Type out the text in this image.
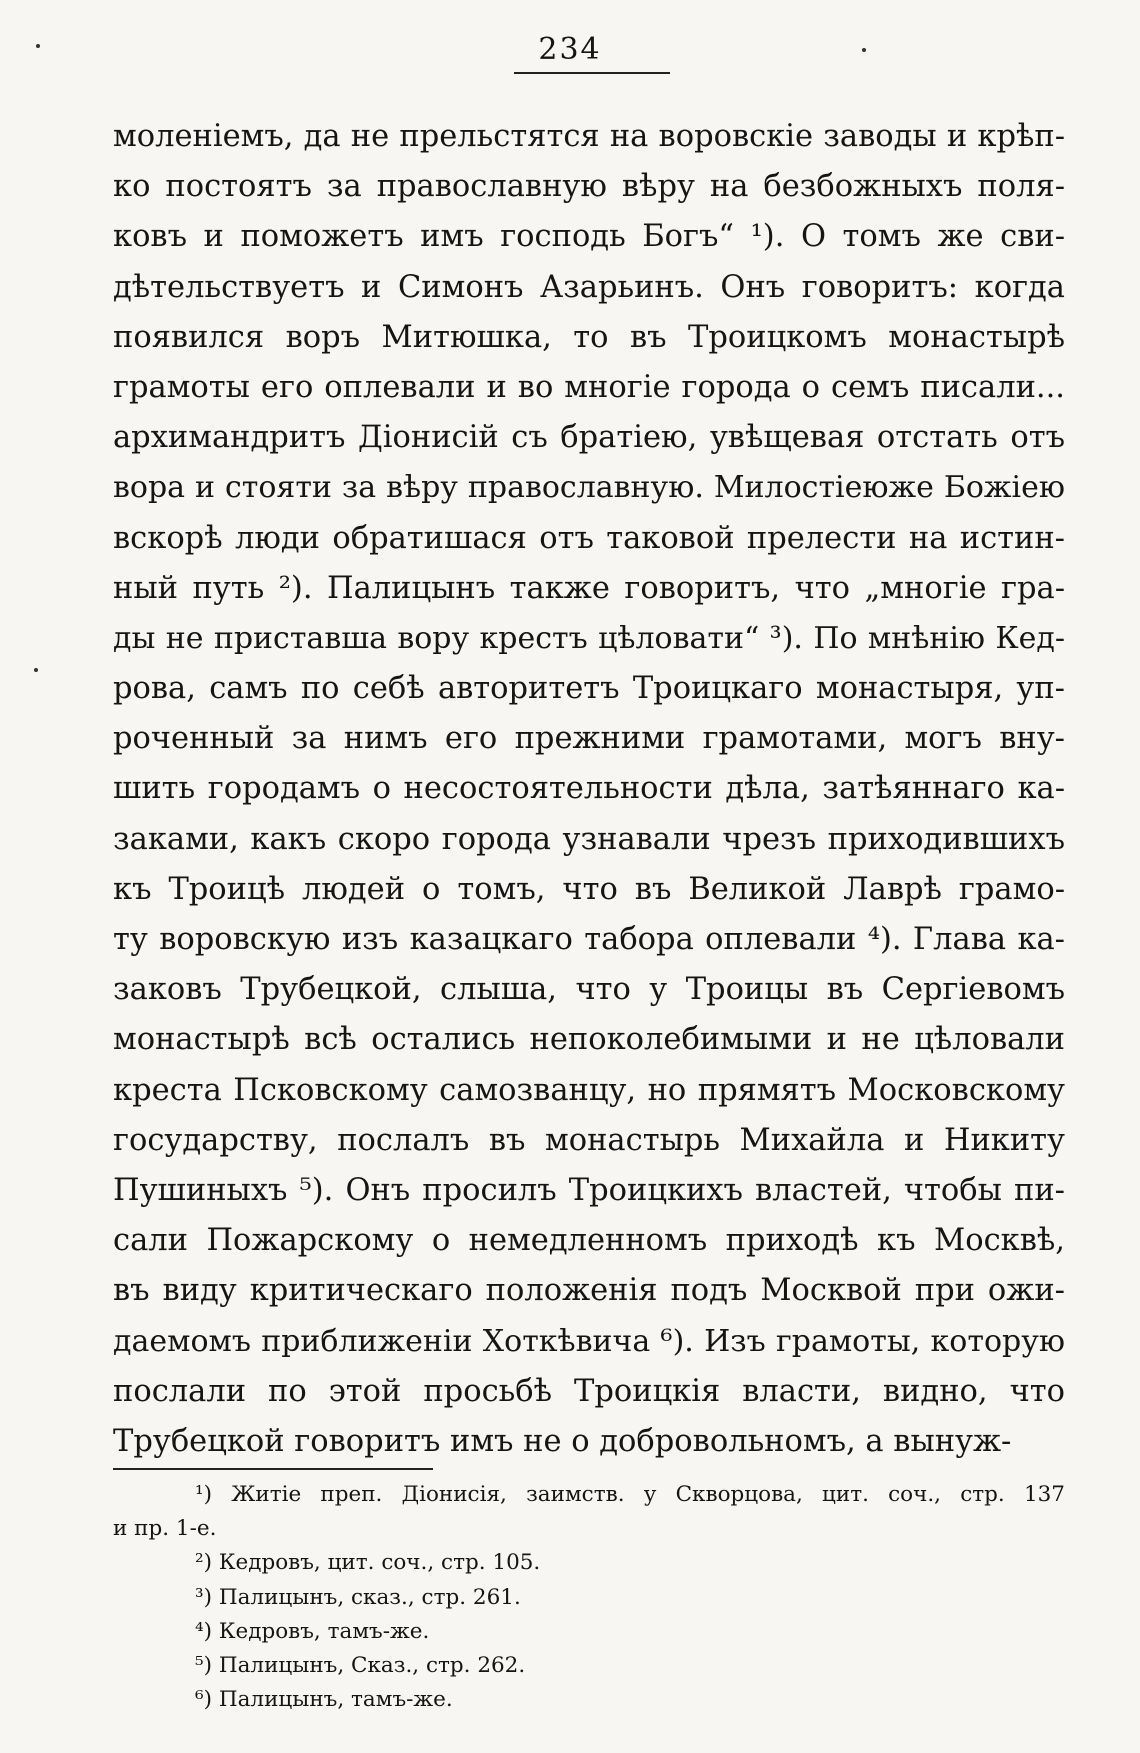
234
моленіемъ, да не прельстятся на воровскіе заводы и крѣп-
ко постоятъ за православную вѣру на безбожныхъ поля-
ковъ и поможетъ имъ господь Богъ“ ¹). О томъ же сви-
дѣтельствуетъ и Симонъ Азарьинъ. Онъ говоритъ: когда
появился воръ Митюшка, то въ Троицкомъ монастырѣ
грамоты его оплевали и во многіе города о семъ писали...
архимандритъ Діонисій съ братіею, увѣщевая отстать отъ
вора и стояти за вѣру православную. Милостіеюже Божіею
вскорѣ люди обратишася отъ таковой прелести на истин-
ный путь ²). Палицынъ также говоритъ, что „многіе гра-
ды не приставша вору крестъ цѣловати“ ³). По мнѣнію Кед-
рова, самъ по себѣ авторитетъ Троицкаго монастыря, уп-
роченный за нимъ его прежними грамотами, могъ вну-
шить городамъ о несостоятельности дѣла, затѣяннаго ка-
заками, какъ скоро города узнавали чрезъ приходившихъ
къ Троицѣ людей о томъ, что въ Великой Лаврѣ грамо-
ту воровскую изъ казацкаго табора оплевали ⁴). Глава ка-
заковъ Трубецкой, слыша, что у Троицы въ Сергіевомъ
монастырѣ всѣ остались непоколебимыми и не цѣловали
креста Псковскому самозванцу, но прямятъ Московскому
государству, послалъ въ монастырь Михайла и Никиту
Пушиныхъ ⁵). Онъ просилъ Троицкихъ властей, чтобы пи-
сали Пожарскому о немедленномъ приходѣ къ Москвѣ,
въ виду критическаго положенія подъ Москвой при ожи-
даемомъ приближеніи Хоткѣвича ⁶). Изъ грамоты, которую
послали по этой просьбѣ Троицкія власти, видно, что
Трубецкой говоритъ имъ не о добровольномъ, а вынуж-
¹) Житіе преп. Діонисія, заимств. у Скворцова, цит. соч., стр. 137
и пр. 1-е.
²) Кедровъ, цит. соч., стр. 105.
³) Палицынъ, сказ., стр. 261.
⁴) Кедровъ, тамъ-же.
⁵) Палицынъ, Сказ., стр. 262.
⁶) Палицынъ, тамъ-же.
